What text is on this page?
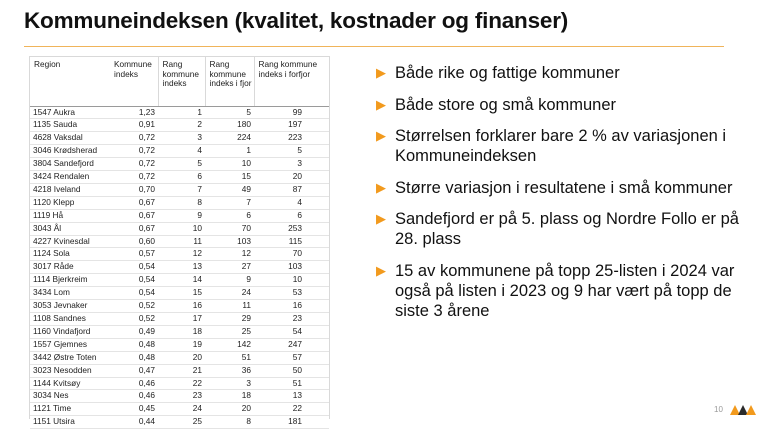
Kommuneindeksen (kvalitet, kostnader og finanser)
Region	Kommune indeks	Rang kommune indeks	Rang kommune indeks i fjor	Rang kommune indeks i forfjor
1547 Aukra	1,23	1	5	99
1135 Sauda	0,91	2	180	197
4628 Vaksdal	0,72	3	224	223
3046 Krødsherad	0,72	4	1	5
3804 Sandefjord	0,72	5	10	3
3424 Rendalen	0,72	6	15	20
4218 Iveland	0,70	7	49	87
1120 Klepp	0,67	8	7	4
1119 Hå	0,67	9	6	6
3043 Ål	0,67	10	70	253
4227 Kvinesdal	0,60	11	103	115
1124 Sola	0,57	12	12	70
3017 Råde	0,54	13	27	103
1114 Bjerkreim	0,54	14	9	10
3434 Lom	0,54	15	24	53
3053 Jevnaker	0,52	16	11	16
1108 Sandnes	0,52	17	29	23
1160 Vindafjord	0,49	18	25	54
1557 Gjemnes	0,48	19	142	247
3442 Østre Toten	0,48	20	51	57
3023 Nesodden	0,47	21	36	50
1144 Kvitsøy	0,46	22	3	51
3034 Nes	0,46	23	18	13
1121 Time	0,45	24	20	22
1151 Utsira	0,44	25	8	181
▶ Både rike og fattige kommuner
▶ Både store og små kommuner
▶ Størrelsen forklarer bare 2 % av variasjonen i Kommuneindeksen
▶ Større variasjon i resultatene i små kommuner
▶ Sandefjord er på 5. plass og Nordre Follo er på 28. plass
▶ 15 av kommunene på topp 25-listen i 2024 var også på listen i 2023 og 9 har vært på topp de siste 3 årene
10
